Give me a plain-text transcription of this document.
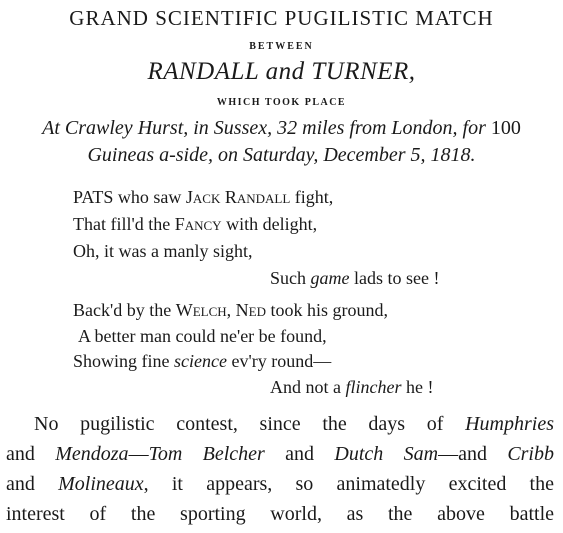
GRAND SCIENTIFIC PUGILISTIC MATCH
BETWEEN
RANDALL and TURNER,
WHICH TOOK PLACE
At Crawley Hurst, in Sussex, 32 miles from London, for 100
Guineas a-side, on Saturday, December 5, 1818.
PATS who saw Jack Randall fight,
That fill'd the Fancy with delight,
Oh, it was a manly sight,
Such game lads to see !
Back'd by the Welch, Ned took his ground,
A better man could ne'er be found,
Showing fine science ev'ry round—
And not a flincher he !
No pugilistic contest, since the days of Humphries
and Mendoza—Tom Belcher and Dutch Sam—and Cribb
and Molineaux, it appears, so animatedly excited the
interest of the sporting world, as the above battle
